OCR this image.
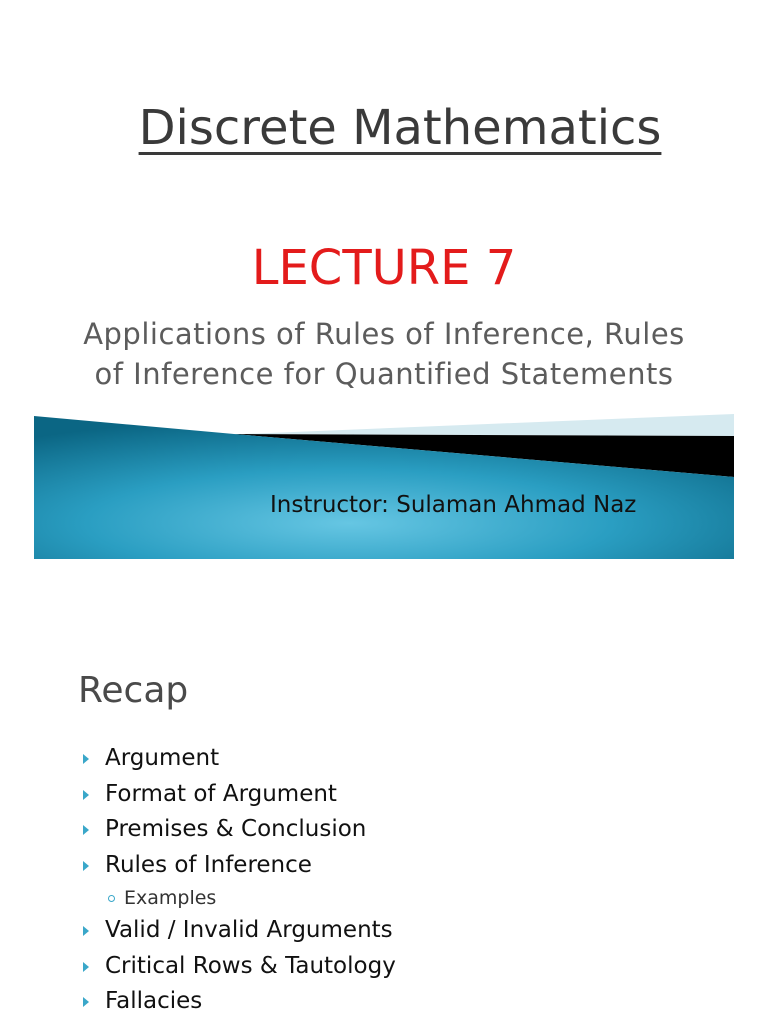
Discrete Mathematics
LECTURE 7
Applications of Rules of Inference, Rules
of Inference for Quantified Statements
Instructor: Sulaman Ahmad Naz
Recap
Argument
Format of Argument
Premises & Conclusion
Rules of Inference
Examples
Valid / Invalid Arguments
Critical Rows & Tautology
Fallacies
